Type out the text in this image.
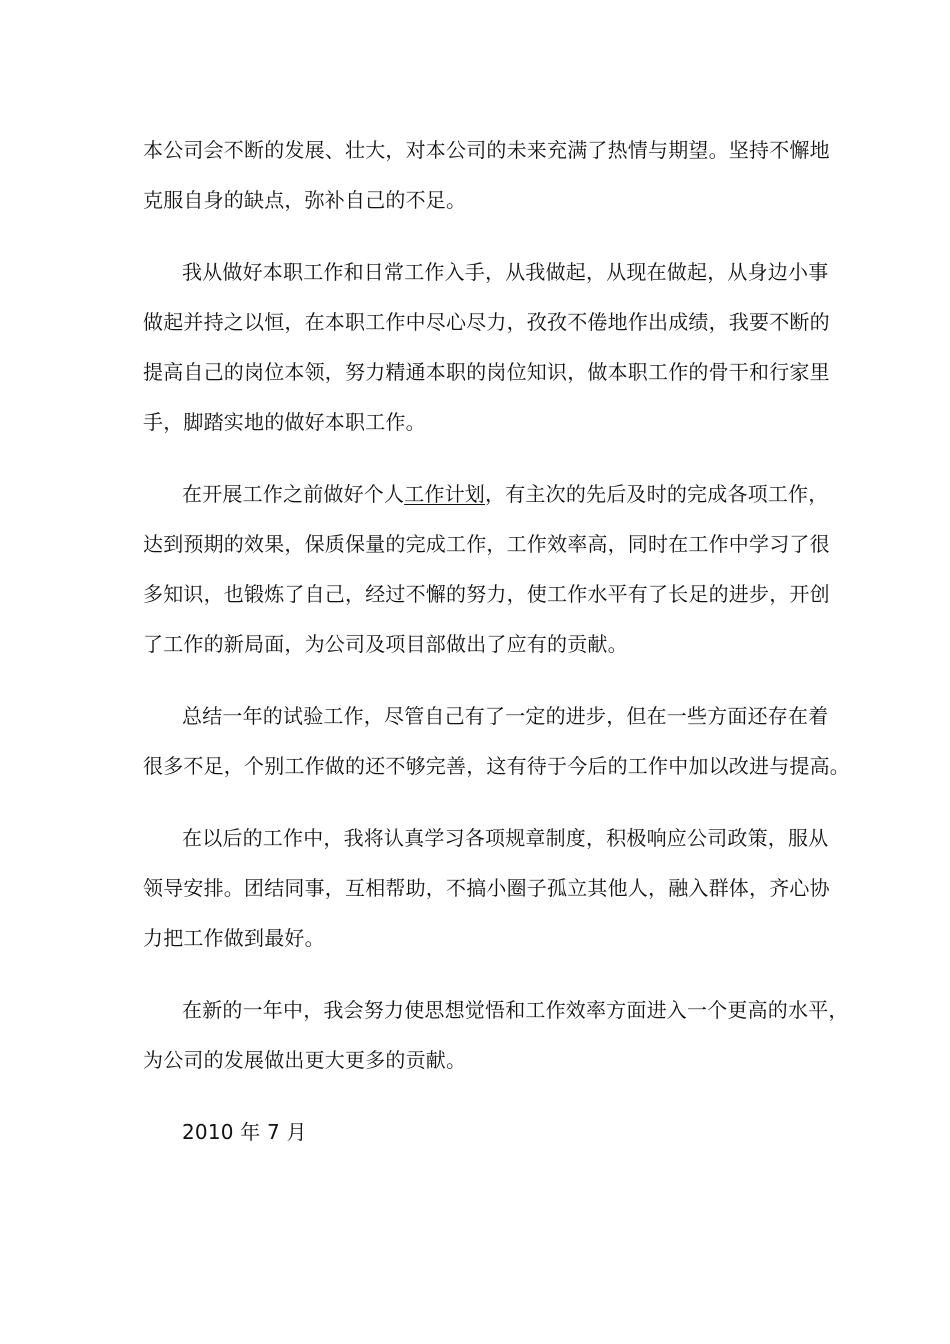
本公司会不断的发展、壮大，对本公司的未来充满了热情与期望。坚持不懈地
克服自身的缺点，弥补自己的不足。
我从做好本职工作和日常工作入手，从我做起，从现在做起，从身边小事
做起并持之以恒，在本职工作中尽心尽力，孜孜不倦地作出成绩，我要不断的
提高自己的岗位本领，努力精通本职的岗位知识，做本职工作的骨干和行家里
手，脚踏实地的做好本职工作。
在开展工作之前做好个人工作计划，有主次的先后及时的完成各项工作，
达到预期的效果，保质保量的完成工作，工作效率高，同时在工作中学习了很
多知识，也锻炼了自己，经过不懈的努力，使工作水平有了长足的进步，开创
了工作的新局面，为公司及项目部做出了应有的贡献。
总结一年的试验工作，尽管自己有了一定的进步，但在一些方面还存在着
很多不足，个别工作做的还不够完善，这有待于今后的工作中加以改进与提高。
在以后的工作中，我将认真学习各项规章制度，积极响应公司政策，服从
领导安排。团结同事，互相帮助，不搞小圈子孤立其他人，融入群体，齐心协
力把工作做到最好。
在新的一年中，我会努力使思想觉悟和工作效率方面进入一个更高的水平，
为公司的发展做出更大更多的贡献。
2010 年 7 月
